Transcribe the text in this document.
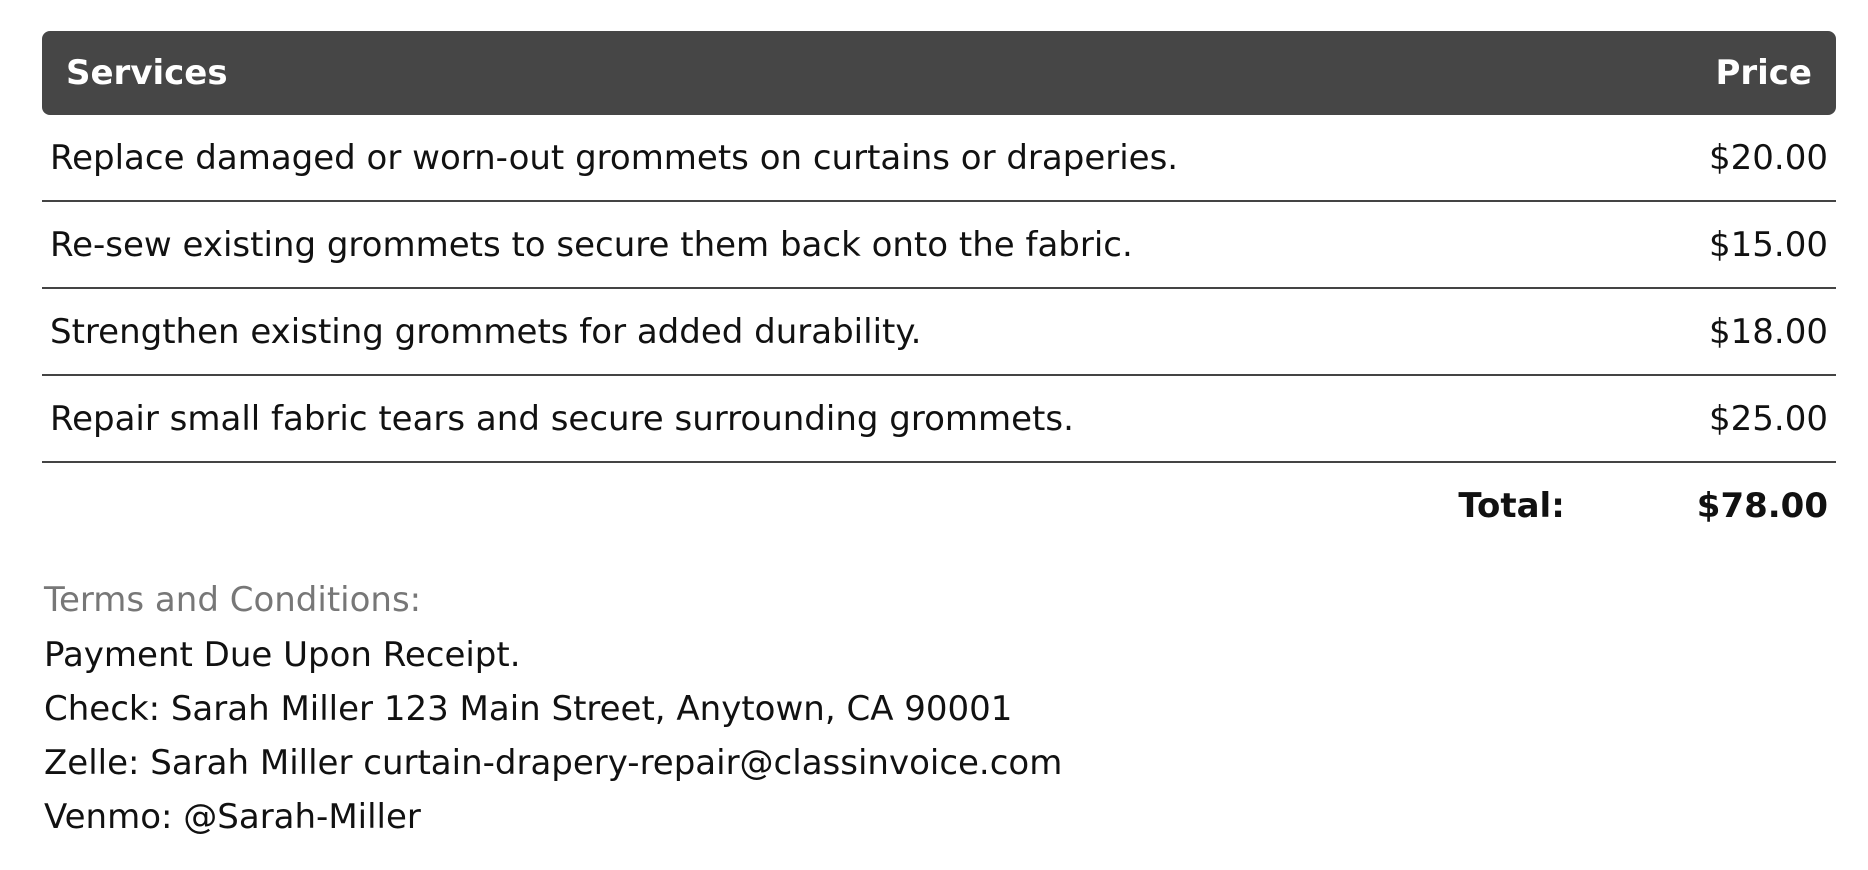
Services	Price
Replace damaged or worn-out grommets on curtains or draperies.	$20.00
Re-sew existing grommets to secure them back onto the fabric.	$15.00
Strengthen existing grommets for added durability.	$18.00
Repair small fabric tears and secure surrounding grommets.	$25.00
Total:	$78.00
Terms and Conditions:
Payment Due Upon Receipt.
Check: Sarah Miller 123 Main Street, Anytown, CA 90001
Zelle: Sarah Miller curtain-drapery-repair@classinvoice.com
Venmo: @Sarah-Miller
